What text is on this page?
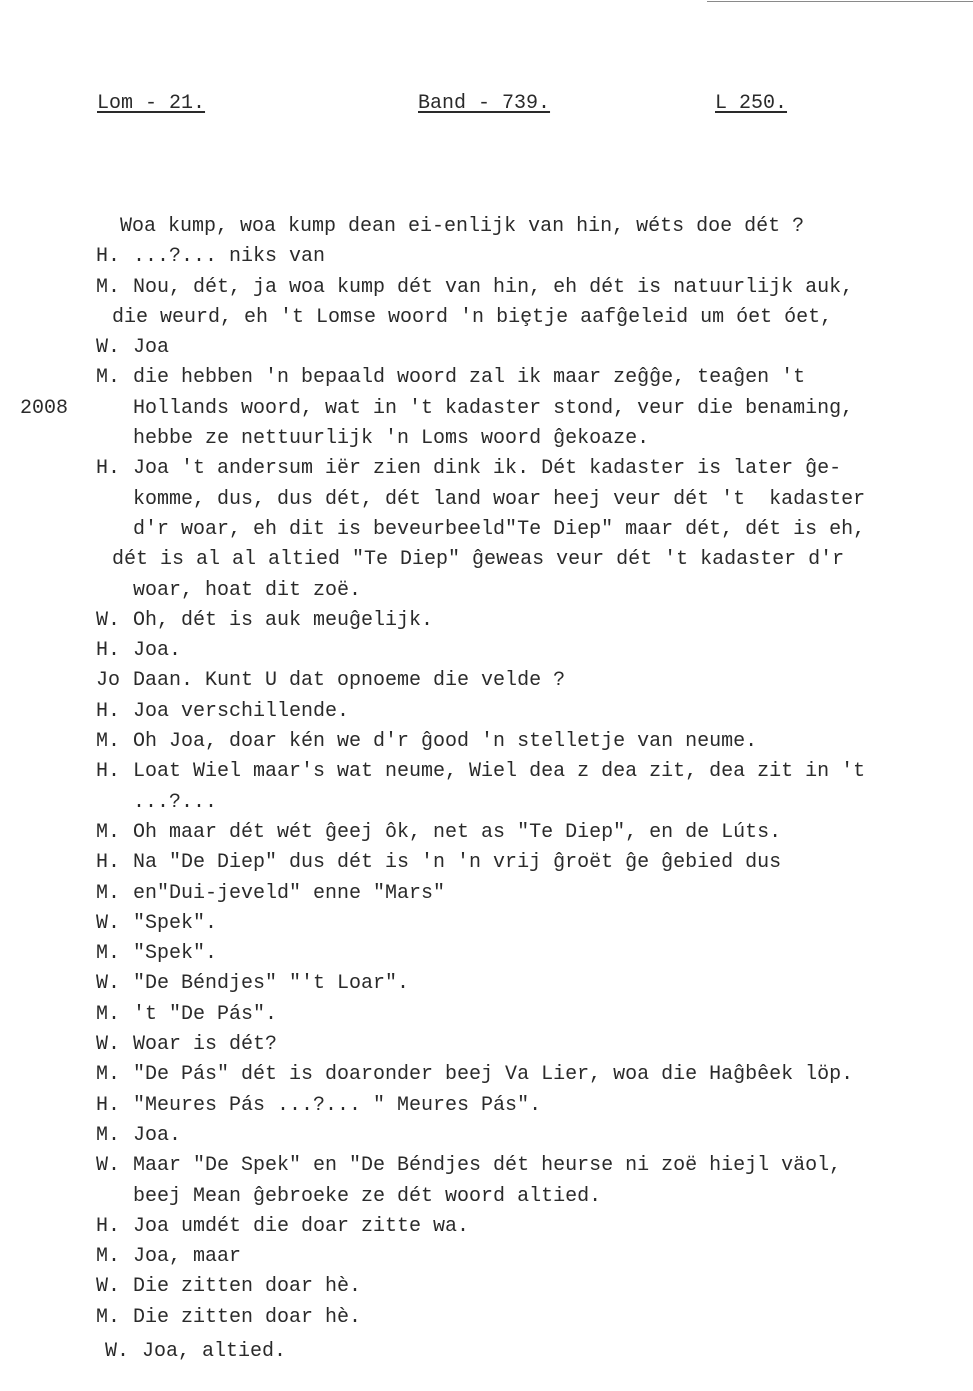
Lom - 21.	Band - 739.	L 250.
2008
Woa kump, woa kump dean ei-enlijk van hin, wéts doe dét ?
H. ...?... niks van
M. Nou, dét, ja woa kump dét van hin, eh dét is natuurlijk auk,
die weurd, eh 't Lomse woord 'n biȩtje aafĝeleid um óet óet,
W. Joa
M. die hebben 'n bepaald woord zal ik maar zeĝĝe, teaĝen 't
Hollands woord, wat in 't kadaster stond, veur die benaming,
hebbe ze nettuurlijk 'n Loms woord ĝekoaze.
H. Joa 't andersum iër zien dink ik. Dét kadaster is later ĝe-
komme, dus, dus dét, dét land woar heej veur dét 't  kadaster
d'r woar, eh dit is beveurbeeld"Te Diep" maar dét, dét is eh,
dét is al al altied "Te Diep" ĝeweas veur dét 't kadaster d'r
woar, hoat dit zoë.
W. Oh, dét is auk meuĝelijk.
H. Joa.
Jo Daan. Kunt U dat opnoeme die velde ?
H. Joa verschillende.
M. Oh Joa, doar kén we d'r ĝood 'n stelletje van neume.
H. Loat Wiel maar's wat neume, Wiel dea z dea zit, dea zit in 't
...?...
M. Oh maar dét wét ĝeej ôk, net as "Te Diep", en de Lúts.
H. Na "De Diep" dus dét is 'n 'n vrij ĝroët ĝe ĝebied dus
M. en"Dui-jeveld" enne "Mars"
W. "Spek".
M. "Spek".
W. "De Béndjes" "'t Loar".
M. 't "De Pás".
W. Woar is dét?
M. "De Pás" dét is doaronder beej Va Lier, woa die Haĝbêek löp.
H. "Meures Pás ...?... " Meures Pás".
M. Joa.
W. Maar "De Spek" en "De Béndjes dét heurse ni zoë hiejl väol,
beej Mean ĝebroeke ze dét woord altied.
H. Joa umdét die doar zitte wa.
M. Joa, maar
W. Die zitten doar hè.
M. Die zitten doar hè.
W. Joa, altied.
